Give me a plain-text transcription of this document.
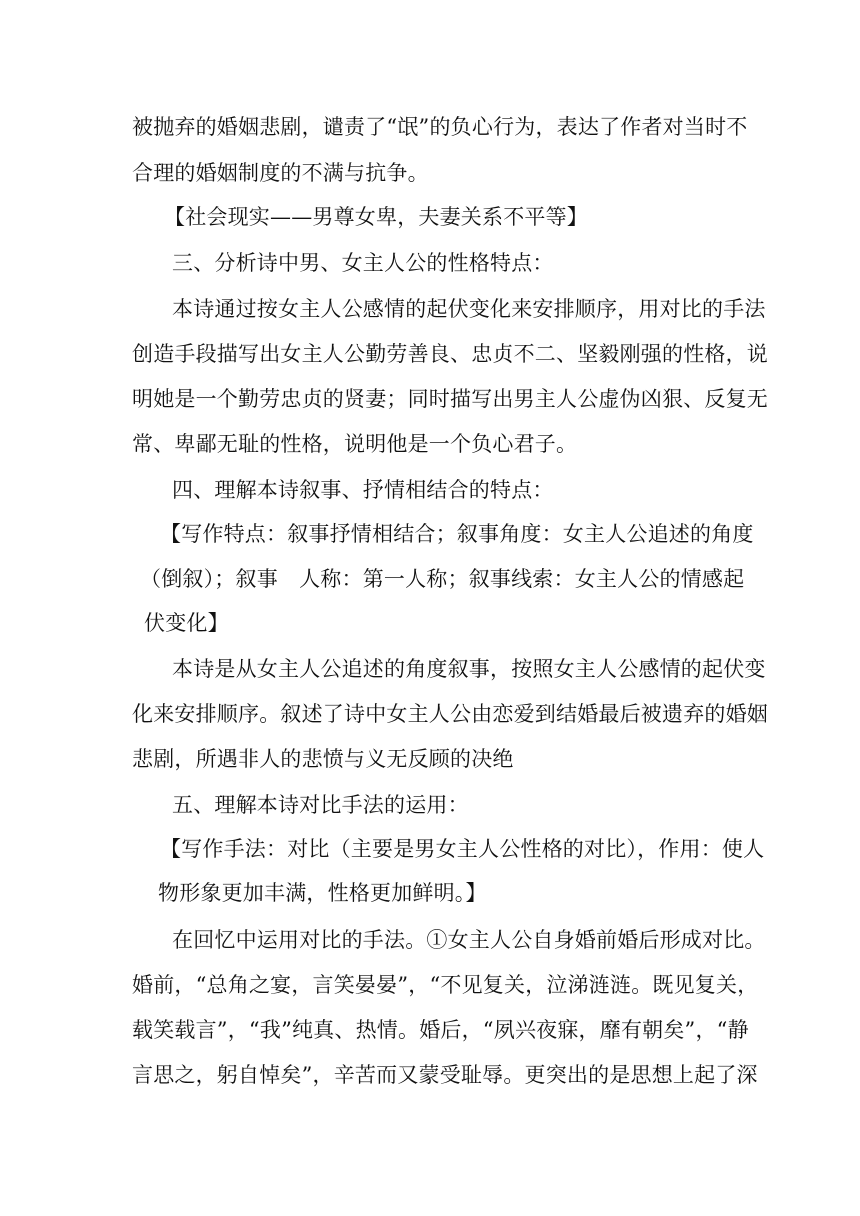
被抛弃的婚姻悲剧，谴责了“氓”的负心行为，表达了作者对当时不
合理的婚姻制度的不满与抗争。
【社会现实——男尊女卑，夫妻关系不平等】
三、分析诗中男、女主人公的性格特点：
本诗通过按女主人公感情的起伏变化来安排顺序，用对比的手法
创造手段描写出女主人公勤劳善良、忠贞不二、坚毅刚强的性格，说
明她是一个勤劳忠贞的贤妻；同时描写出男主人公虚伪凶狠、反复无
常、卑鄙无耻的性格，说明他是一个负心君子。
四、理解本诗叙事、抒情相结合的特点：
【写作特点：叙事抒情相结合；叙事角度：女主人公追述的角度
（倒叙）；叙事　人称：第一人称；叙事线索：女主人公的情感起
伏变化】
本诗是从女主人公追述的角度叙事，按照女主人公感情的起伏变
化来安排顺序。叙述了诗中女主人公由恋爱到结婚最后被遗弃的婚姻
悲剧，所遇非人的悲愤与义无反顾的决绝
五、理解本诗对比手法的运用：
【写作手法：对比（主要是男女主人公性格的对比），作用：使人
物形象更加丰满，性格更加鲜明。】
在回忆中运用对比的手法。①女主人公自身婚前婚后形成对比。
婚前，“总角之宴，言笑晏晏”，“不见复关，泣涕涟涟。既见复关，
载笑载言”，“我”纯真、热情。婚后，“夙兴夜寐，靡有朝矣”，“静
言思之，躬自悼矣”，辛苦而又蒙受耻辱。更突出的是思想上起了深
